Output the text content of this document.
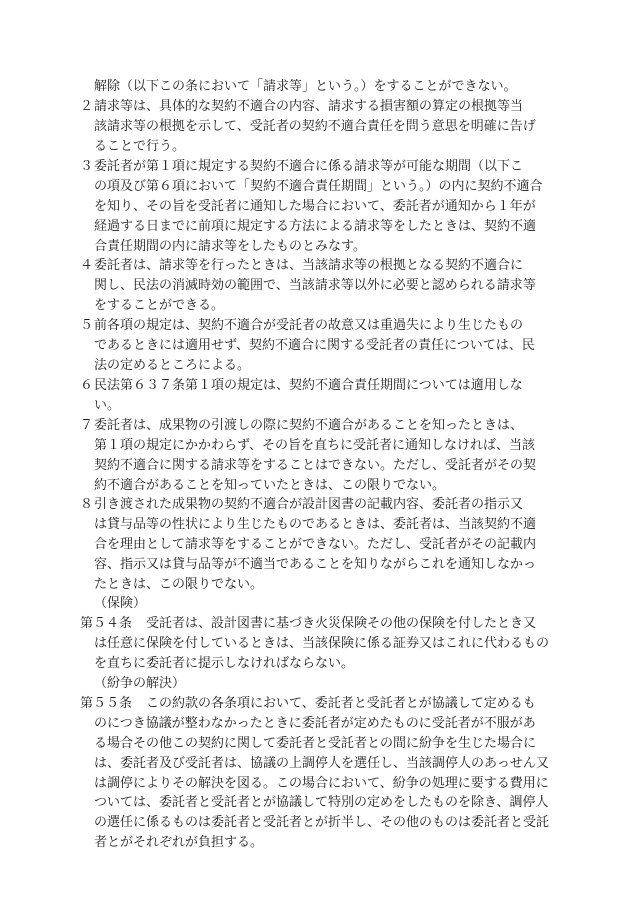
解除（以下この条において「請求等」という。）をすることができない。
２ 請求等は、具体的な契約不適合の内容、請求する損害額の算定の根拠等当
該請求等の根拠を示して、受託者の契約不適合責任を問う意思を明確に告げ
ることで行う。
３ 委託者が第１項に規定する契約不適合に係る請求等が可能な期間（以下こ
の項及び第６項において「契約不適合責任期間」という。）の内に契約不適合
を知り、その旨を受託者に通知した場合において、委託者が通知から１年が
経過する日までに前項に規定する方法による請求等をしたときは、契約不適
合責任期間の内に請求等をしたものとみなす。
４ 委託者は、請求等を行ったときは、当該請求等の根拠となる契約不適合に
関し、民法の消滅時効の範囲で、当該請求等以外に必要と認められる請求等
をすることができる。
５ 前各項の規定は、契約不適合が受託者の故意又は重過失により生じたもの
であるときには適用せず、契約不適合に関する受託者の責任については、民
法の定めるところによる。
６ 民法第６３７条第１項の規定は、契約不適合責任期間については適用しな
い。
７ 委託者は、成果物の引渡しの際に契約不適合があることを知ったときは、
第１項の規定にかかわらず、その旨を直ちに受託者に通知しなければ、当該
契約不適合に関する請求等をすることはできない。ただし、受託者がその契
約不適合があることを知っていたときは、この限りでない。
８ 引き渡された成果物の契約不適合が設計図書の記載内容、委託者の指示又
は貸与品等の性状により生じたものであるときは、委託者は、当該契約不適
合を理由として請求等をすることができない。ただし、受託者がその記載内
容、指示又は貸与品等が不適当であることを知りながらこれを通知しなかっ
たときは、この限りでない。
（保険）
第５４条	受託者は、設計図書に基づき火災保険その他の保険を付したとき又
は任意に保険を付しているときは、当該保険に係る証券又はこれに代わるもの
を直ちに委託者に提示しなければならない。
（紛争の解決）
第５５条	この約款の各条項において、委託者と受託者とが協議して定めるも
のにつき協議が整わなかったときに委託者が定めたものに受託者が不服があ
る場合その他この契約に関して委託者と受託者との間に紛争を生じた場合に
は、委託者及び受託者は、協議の上調停人を選任し、当該調停人のあっせん又
は調停によりその解決を図る。この場合において、紛争の処理に要する費用に
ついては、委託者と受託者とが協議して特別の定めをしたものを除き、調停人
の選任に係るものは委託者と受託者とが折半し、その他のものは委託者と受託
者とがそれぞれが負担する。
